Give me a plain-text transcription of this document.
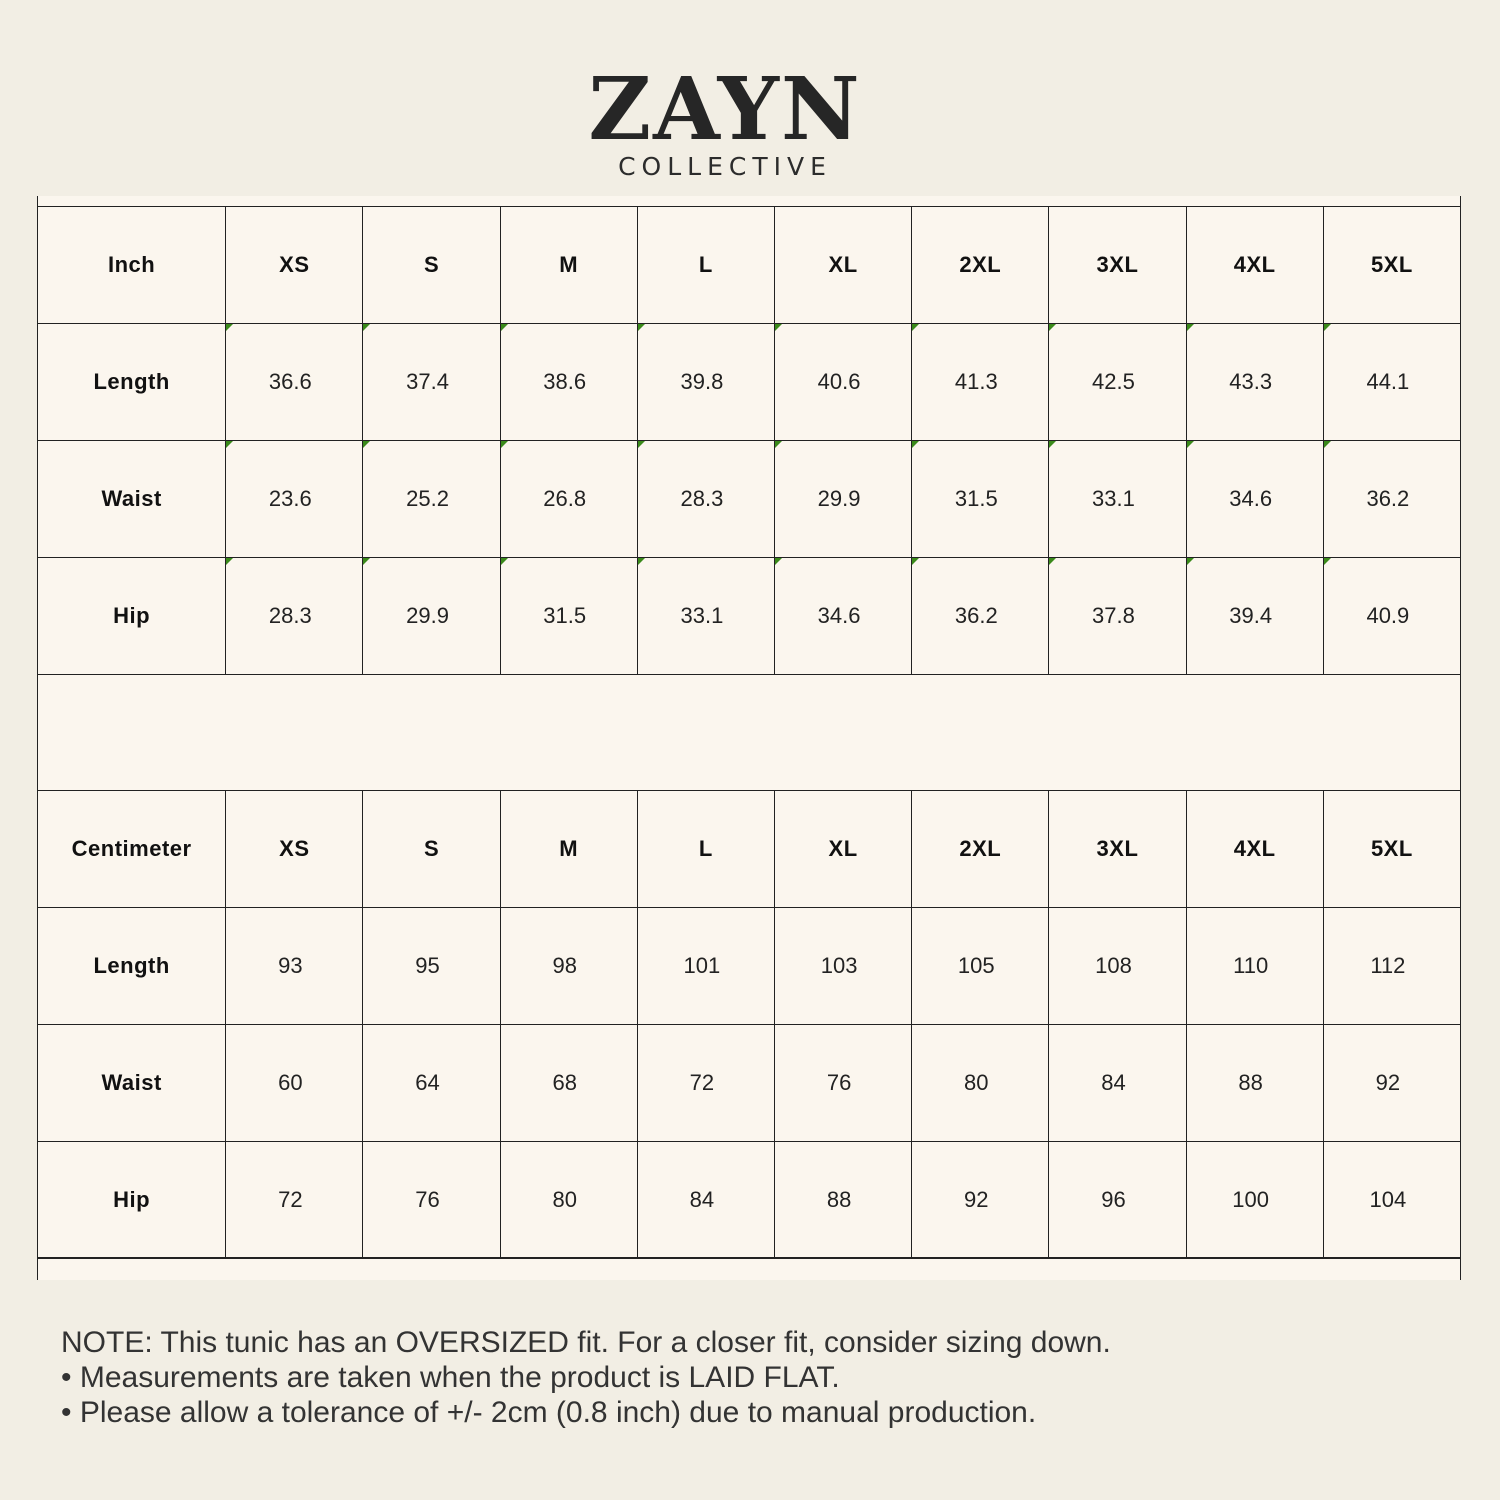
ZAYN
COLLECTIVE
Inch	XS	S	M	L	XL	2XL	3XL	4XL	5XL
Length	36.6	37.4	38.6	39.8	40.6	41.3	42.5	43.3	44.1
Waist	23.6	25.2	26.8	28.3	29.9	31.5	33.1	34.6	36.2
Hip	28.3	29.9	31.5	33.1	34.6	36.2	37.8	39.4	40.9
Centimeter	XS	S	M	L	XL	2XL	3XL	4XL	5XL
Length	93	95	98	101	103	105	108	110	112
Waist	60	64	68	72	76	80	84	88	92
Hip	72	76	80	84	88	92	96	100	104
NOTE: This tunic has an OVERSIZED fit. For a closer fit, consider sizing down.
• Measurements are taken when the product is LAID FLAT.
• Please allow a tolerance of +/- 2cm (0.8 inch) due to manual production.
